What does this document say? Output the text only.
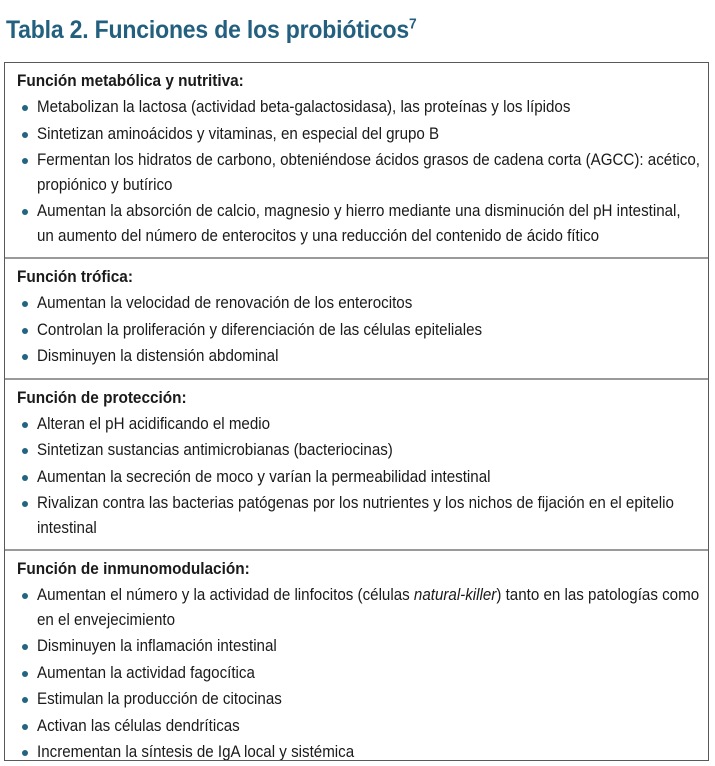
Tabla 2. Funciones de los probióticos$^7$
Función metabólica y nutritiva:
Metabolizan la lactosa (actividad beta-galactosidasa), las proteínas y los lípidos
Sintetizan aminoácidos y vitaminas, en especial del grupo B
Fermentan los hidratos de carbono, obteniéndose ácidos grasos de cadena corta (AGCC): acético, propiónico y butírico
Aumentan la absorción de calcio, magnesio y hierro mediante una disminución del pH intestinal, un aumento del número de enterocitos y una reducción del contenido de ácido fítico
Función trófica:
Aumentan la velocidad de renovación de los enterocitos
Controlan la proliferación y diferenciación de las células epiteliales
Disminuyen la distensión abdominal
Función de protección:
Alteran el pH acidificando el medio
Sintetizan sustancias antimicrobianas (bacteriocinas)
Aumentan la secreción de moco y varían la permeabilidad intestinal
Rivalizan contra las bacterias patógenas por los nutrientes y los nichos de fijación en el epitelio intestinal
Función de inmunomodulación:
Aumentan el número y la actividad de linfocitos (células natural-killer) tanto en las patologías como en el envejecimiento
Disminuyen la inflamación intestinal
Aumentan la actividad fagocítica
Estimulan la producción de citocinas
Activan las células dendríticas
Incrementan la síntesis de IgA local y sistémica
